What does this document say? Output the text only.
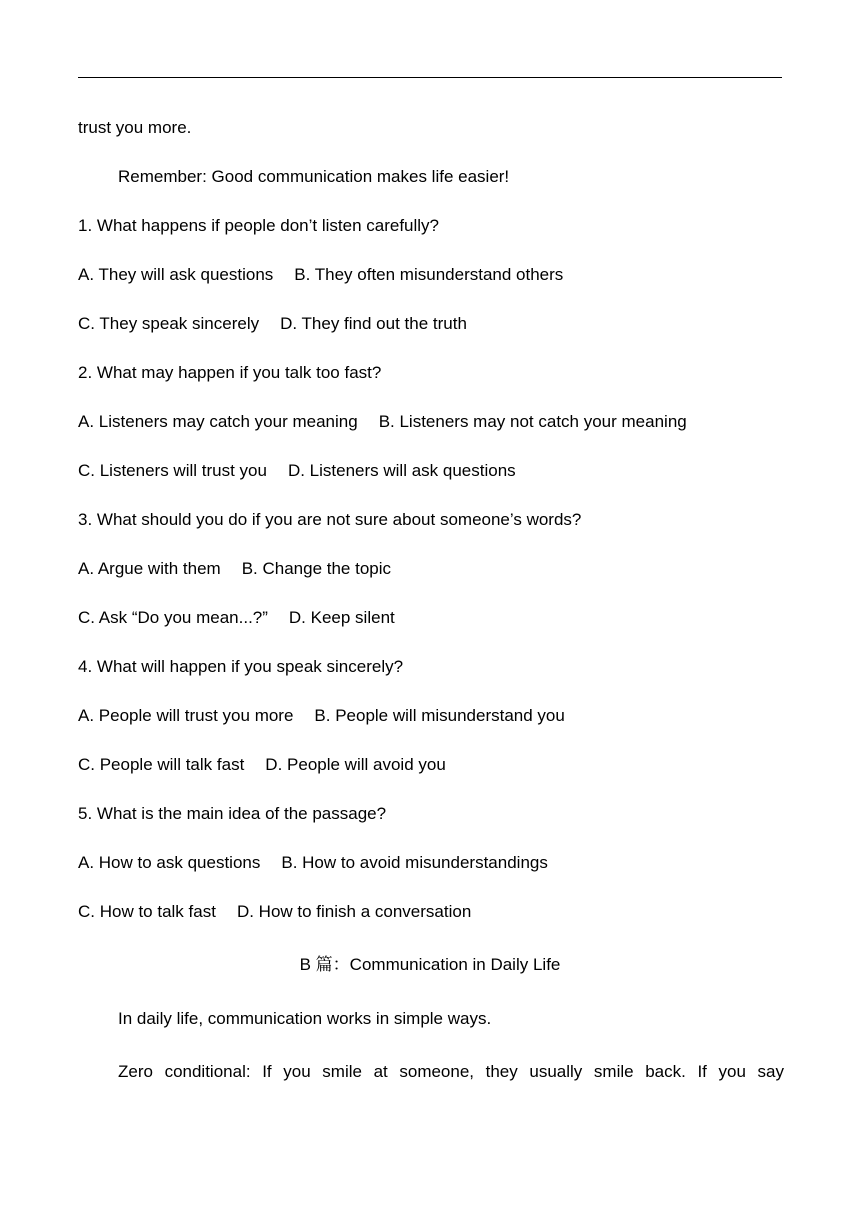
trust you more.
Remember: Good communication makes life easier!
1. What happens if people don’t listen carefully?
A. They will ask questions B. They often misunderstand others
C. They speak sincerely D. They find out the truth
2. What may happen if you talk too fast?
A. Listeners may catch your meaning B. Listeners may not catch your meaning
C. Listeners will trust you D. Listeners will ask questions
3. What should you do if you are not sure about someone’s words?
A. Argue with them B. Change the topic
C. Ask “Do you mean...?” D. Keep silent
4. What will happen if you speak sincerely?
A. People will trust you more B. People will misunderstand you
C. People will talk fast D. People will avoid you
5. What is the main idea of the passage?
A. How to ask questions B. How to avoid misunderstandings
C. How to talk fast D. How to finish a conversation
B 篇：Communication in Daily Life
In daily life, communication works in simple ways.
Zero conditional: If you smile at someone, they usually smile back. If you say
